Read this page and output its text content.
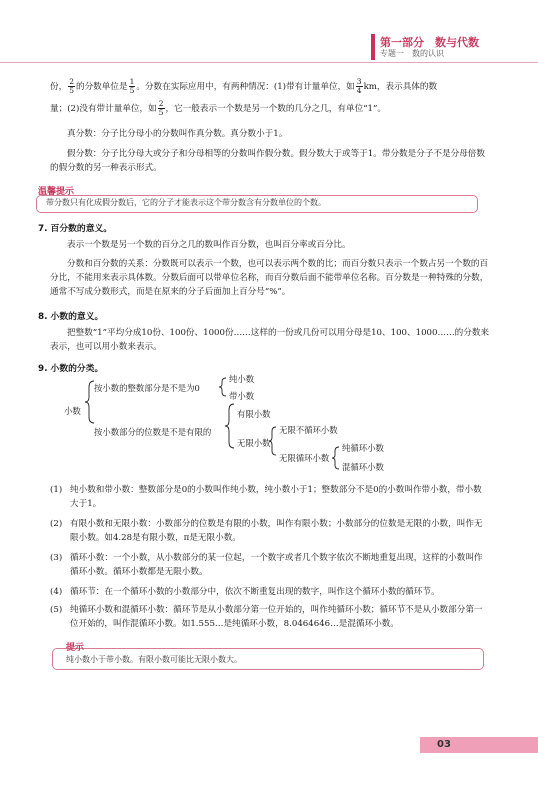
第一部分　数与代数
专题一 数的认识

份， $\frac{2}{5}$ 的分数单位是 $\frac{1}{5}$ 。分数在实际应用中，有两种情况：(1)带有计量单位，如 $\frac{3}{4}$ km，表示具体的数
量；(2)没有带计量单位，如 $\frac{2}{5}$ ，它一般表示一个数是另一个数的几分之几，有单位“1”。

真分数：分子比分母小的分数叫作真分数。真分数小于1。

假分数：分子比分母大或分子和分母相等的分数叫作假分数。假分数大于或等于1。带分数是分子不是分母倍数的假分数的另一种表示形式。

温馨提示
带分数只有化成假分数后，它的分子才能表示这个带分数含有分数单位的个数。
7. 百分数的意义。

表示一个数是另一个数的百分之几的数叫作百分数，也叫百分率或百分比。

分数和百分数的关系：分数既可以表示一个数，也可以表示两个数的比；而百分数只表示一个数占另一个数的百分比，不能用来表示具体数。分数后面可以带单位名称，而百分数后面不能带单位名称。百分数是一种特殊的分数，通常不写成分数形式，而是在原来的分子后面加上百分号“%”。

8. 小数的意义。

把整数“1”平均分成10份、100份、1000份……这样的一份或几份可以用分母是10、100、1000……的分数来表示，也可以用小数来表示。

9. 小数的分类。
小数
按小数的整数部分是不是为0
纯小数
带小数
按小数部分的位数是不是有限的
有限小数
无限小数
无限不循环小数
无限循环小数
纯循环小数
混循环小数
(1) 纯小数和带小数：整数部分是0的小数叫作纯小数，纯小数小于1；整数部分不是0的小数叫作带小数，带小数大于1。
(2) 有限小数和无限小数：小数部分的位数是有限的小数，叫作有限小数；小数部分的位数是无限的小数，叫作无限小数。如4.28是有限小数，π是无限小数。
(3) 循环小数：一个小数，从小数部分的某一位起，一个数字或者几个数字依次不断地重复出现，这样的小数叫作循环小数。循环小数都是无限小数。
(4) 循环节：在一个循环小数的小数部分中，依次不断重复出现的数字，叫作这个循环小数的循环节。
(5) 纯循环小数和混循环小数：循环节是从小数部分第一位开始的，叫作纯循环小数；循环节不是从小数部分第一位开始的，叫作混循环小数。如1.555…是纯循环小数，8.0464646…是混循环小数。
提示
纯小数小于带小数。有限小数可能比无限小数大。
03
